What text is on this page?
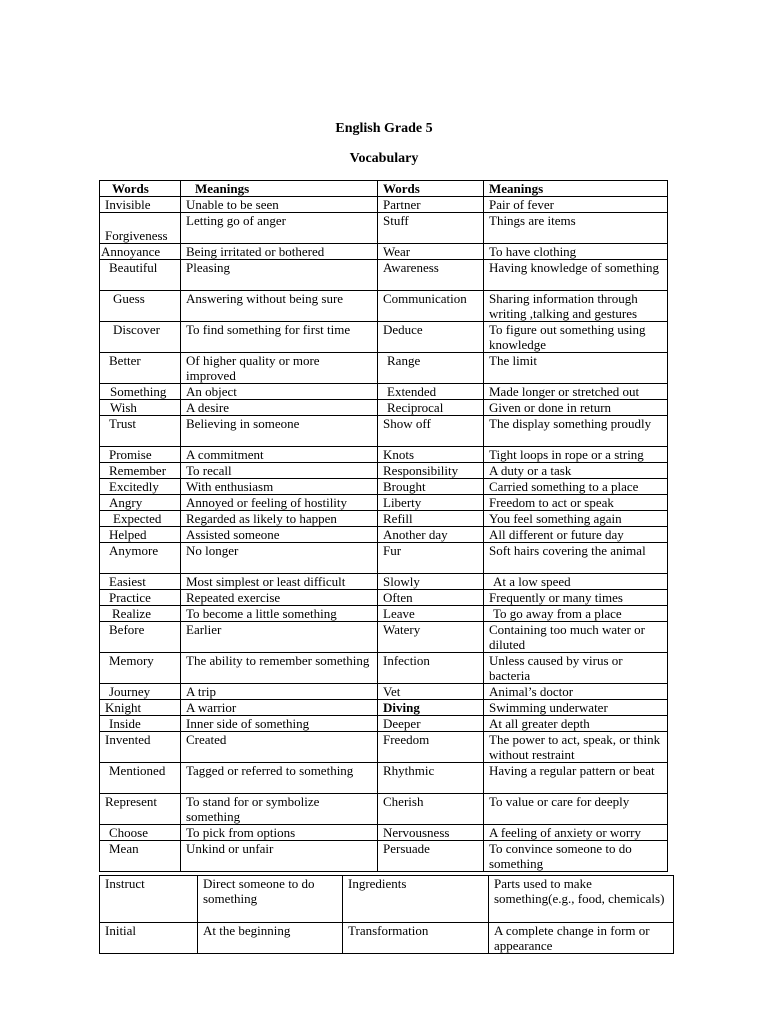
English Grade 5
Vocabulary
Words	Meanings	Words	Meanings
Invisible	Unable to be seen	Partner	Pair of fever
Forgiveness	Letting go of anger	Stuff	Things are items
Annoyance	Being irritated or bothered	Wear	To have clothing
Beautiful	Pleasing	Awareness	Having knowledge of something
Guess	Answering without being sure	Communication	Sharing information through writing ,talking and gestures
Discover	To find something for first time	Deduce	To figure out something using knowledge
Better	Of higher quality or more improved	Range	The limit
Something	An object	Extended	Made longer or stretched out
Wish	A desire	Reciprocal	Given or done in return
Trust	Believing in someone	Show off	The display something proudly
Promise	A commitment	Knots	Tight loops in rope or a string
Remember	To recall	Responsibility	A duty or a task
Excitedly	With enthusiasm	Brought	Carried something to a place
Angry	Annoyed or feeling of hostility	Liberty	Freedom to act or speak
Expected	Regarded as likely to happen	Refill	You feel something again
Helped	Assisted someone	Another day	All different or future day
Anymore	No longer	Fur	Soft hairs covering the animal
Easiest	Most simplest or least difficult	Slowly	At a low speed
Practice	Repeated exercise	Often	Frequently or many times
Realize	To become a little something	Leave	To go away from a place
Before	Earlier	Watery	Containing too much water or diluted
Memory	The ability to remember something	Infection	Unless caused by virus or bacteria
Journey	A trip	Vet	Animal’s doctor
Knight	A warrior	Diving	Swimming underwater
Inside	Inner side of something	Deeper	At all greater depth
Invented	Created	Freedom	The power to act, speak, or think without restraint
Mentioned	Tagged or referred to something	Rhythmic	Having a regular pattern or beat
Represent	To stand for or symbolize something	Cherish	To value or care for deeply
Choose	To pick from options	Nervousness	A feeling of anxiety or worry
Mean	Unkind or unfair	Persuade	To convince someone to do something
Instruct	Direct someone to do something	Ingredients	Parts used to make something(e.g., food, chemicals)
Initial	At the beginning	Transformation	A complete change in form or appearance
